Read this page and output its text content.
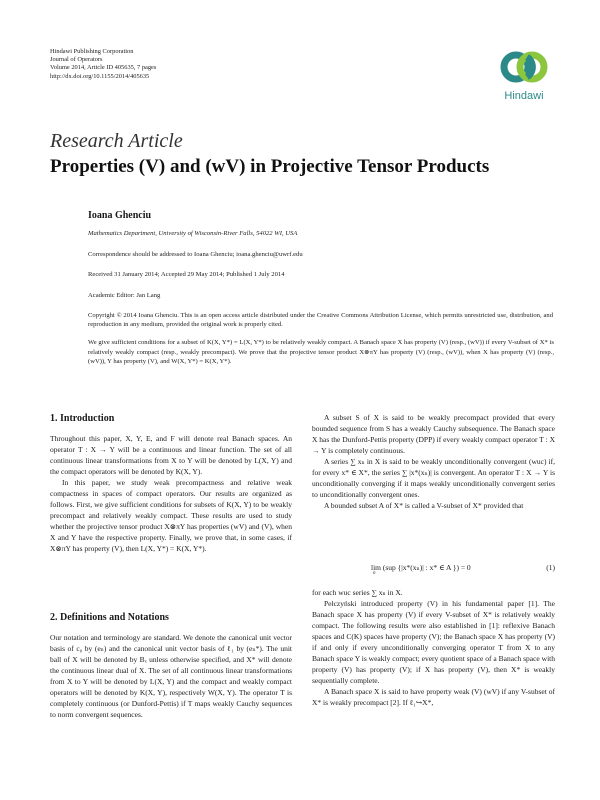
Hindawi Publishing Corporation
Journal of Operators
Volume 2014, Article ID 405635, 7 pages
http://dx.doi.org/10.1155/2014/405635
Hindawi
Research Article
Properties (V) and (wV) in Projective Tensor Products
Ioana Ghenciu
Mathematics Department, University of Wisconsin-River Falls, 54022 WI, USA
Correspondence should be addressed to Ioana Ghenciu; ioana.ghenciu@uwrf.edu
Received 31 January 2014; Accepted 29 May 2014; Published 1 July 2014
Academic Editor: Jan Lang
Copyright © 2014 Ioana Ghenciu. This is an open access article distributed under the Creative Commons Attribution License, which permits unrestricted use, distribution, and reproduction in any medium, provided the original work is properly cited.
We give sufficient conditions for a subset of K(X, Y*) = L(X, Y*) to be relatively weakly compact. A Banach space X has property (V) (resp., (wV)) if every V-subset of X* is relatively weakly compact (resp., weakly precompact). We prove that the projective tensor product X⊗πY has property (V) (resp., (wV)), when X has property (V) (resp., (wV)), Y has property (V), and W(X, Y*) = K(X, Y*).
1. Introduction

Throughout this paper, X, Y, E, and F will denote real Banach spaces. An operator T : X → Y will be a continuous and linear function. The set of all continuous linear transformations from X to Y will be denoted by L(X, Y) and the compact operators will be denoted by K(X, Y).

In this paper, we study weak precompactness and relative weak compactness in spaces of compact operators. Our results are organized as follows. First, we give sufficient conditions for subsets of K(X, Y) to be weakly precompact and relatively weakly compact. These results are used to study whether the projective tensor product X⊗πY has properties (wV) and (V), when X and Y have the respective property. Finally, we prove that, in some cases, if X⊗πY has property (V), then L(X, Y*) = K(X, Y*).

2. Definitions and Notations

Our notation and terminology are standard. We denote the canonical unit vector basis of c₀ by (eₙ) and the canonical unit vector basis of ℓ₁ by (eₙ*). The unit ball of X will be denoted by Bₓ unless otherwise specified, and X* will denote the continuous linear dual of X. The set of all continuous linear transformations from X to Y will be denoted by L(X, Y) and the compact and weakly compact operators will be denoted by K(X, Y), respectively W(X, Y). The operator T is completely continuous (or Dunford-Pettis) if T maps weakly Cauchy sequences to norm convergent sequences.

A subset S of X is said to be weakly precompact provided that every bounded sequence from S has a weakly Cauchy subsequence. The Banach space X has the Dunford-Pettis property (DPP) if every weakly compact operator T : X → Y is completely continuous.

A series ∑ xₙ in X is said to be weakly unconditionally convergent (wuc) if, for every x* ∈ X*, the series ∑ |x*(xₙ)| is convergent. An operator T : X → Y is unconditionally converging if it maps weakly unconditionally convergent series to unconditionally convergent ones.

A bounded subset A of X* is called a V-subset of X* provided that

lim (sup {|x*(xₙ)| : x* ∈ A }) = 0
n
(1)

for each wuc series ∑ xₙ in X.

Pełczyński introduced property (V) in his fundamental paper [1]. The Banach space X has property (V) if every V-subset of X* is relatively weakly compact. The following results were also established in [1]: reflexive Banach spaces and C(K) spaces have property (V); the Banach space X has property (V) if and only if every unconditionally converging operator T from X to any Banach space Y is weakly compact; every quotient space of a Banach space with property (V) has property (V); if X has property (V), then X* is weakly sequentially complete.

A Banach space X is said to have property weak (V) (wV) if any V-subset of X* is weakly precompact [2]. If ℓ₁↪X*,
